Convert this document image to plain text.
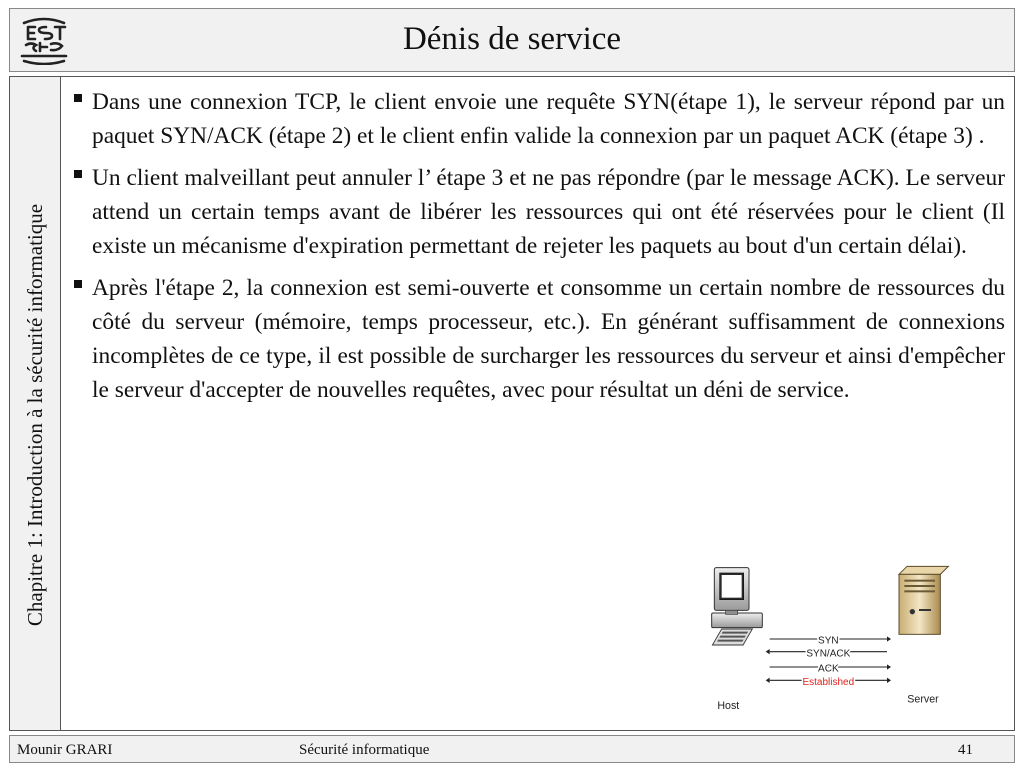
Dénis de service
Chapitre 1: Introduction à la sécurité informatique
Dans une connexion TCP, le client envoie une requête SYN(étape 1), le serveur répond par un paquet SYN/ACK (étape 2) et le client enfin valide la connexion par un paquet ACK (étape 3) .
Un client malveillant peut annuler l’ étape 3 et ne pas répondre (par le message ACK). Le serveur attend un certain temps avant de libérer les ressources qui ont été réservées pour le client (Il existe un mécanisme d'expiration permettant de rejeter les paquets au bout d'un certain délai).
Après l'étape 2, la connexion est semi-ouverte et consomme un certain nombre de ressources du côté du serveur (mémoire, temps processeur, etc.). En générant suffisamment de connexions incomplètes de ce type, il est possible de surcharger les ressources du serveur et ainsi d'empêcher le serveur d'accepter de nouvelles requêtes, avec pour résultat un déni de service.
SYN
SYN/ACK
ACK
Established
Host
Server
Mounir GRARI	Sécurité informatique	41
